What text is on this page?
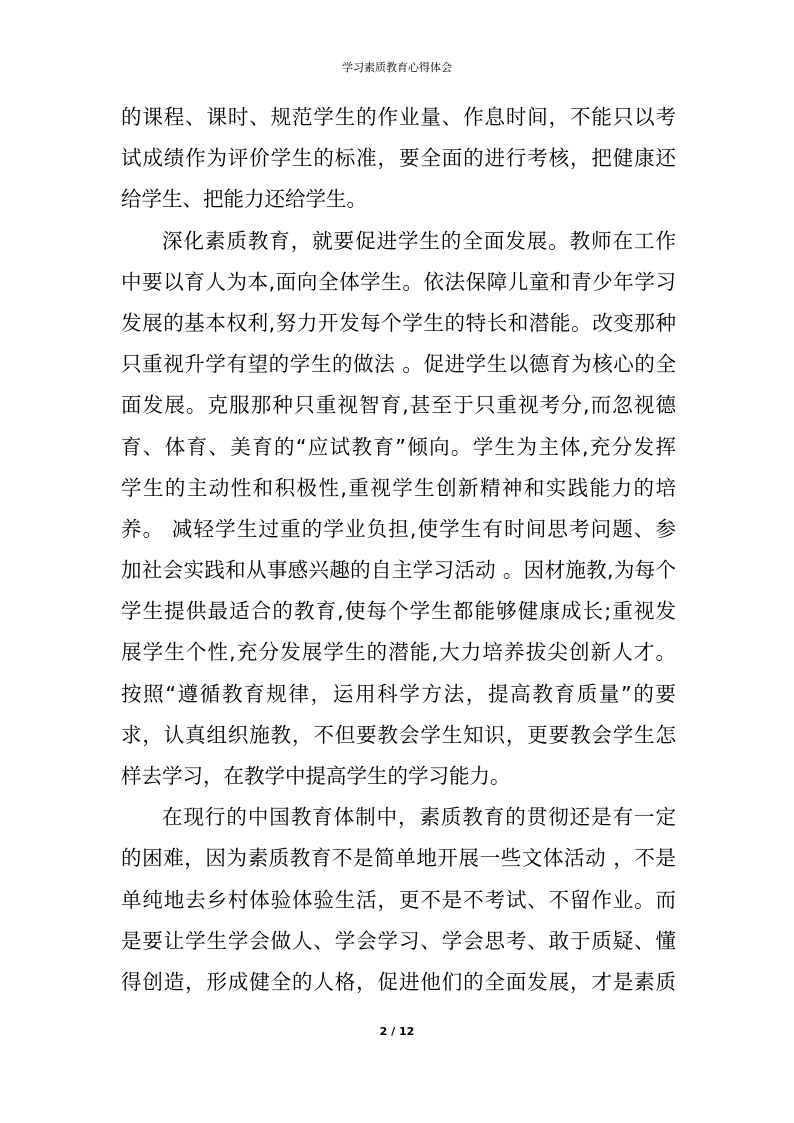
学习素质教育心得体会
的课程、课时、规范学生的作业量、作息时间，不能只以考
试成绩作为评价学生的标准，要全面的进行考核，把健康还
给学生、把能力还给学生。
深化素质教育，就要促进学生的全面发展。教师在工作
中要以育人为本,面向全体学生。依法保障儿童和青少年学习
发展的基本权利,努力开发每个学生的特长和潜能。改变那种
只重视升学有望的学生的做法 。促进学生以德育为核心的全
面发展。克服那种只重视智育,甚至于只重视考分,而忽视德
育、体育、美育的“应试教育”倾向。学生为主体,充分发挥
学生的主动性和积极性,重视学生创新精神和实践能力的培
养。 减轻学生过重的学业负担,使学生有时间思考问题、参
加社会实践和从事感兴趣的自主学习活动 。因材施教,为每个
学生提供最适合的教育,使每个学生都能够健康成长;重视发
展学生个性,充分发展学生的潜能,大力培养拔尖创新人才。
按照“遵循教育规律，运用科学方法，提高教育质量”的要
求，认真组织施教，不但要教会学生知识，更要教会学生怎
样去学习，在教学中提高学生的学习能力。
在现行的中国教育体制中，素质教育的贯彻还是有一定
的困难，因为素质教育不是简单地开展一些文体活动 ，不是
单纯地去乡村体验体验生活，更不是不考试、不留作业。而
是要让学生学会做人、学会学习、学会思考、敢于质疑、懂
得创造，形成健全的人格，促进他们的全面发展，才是素质
2 / 12
